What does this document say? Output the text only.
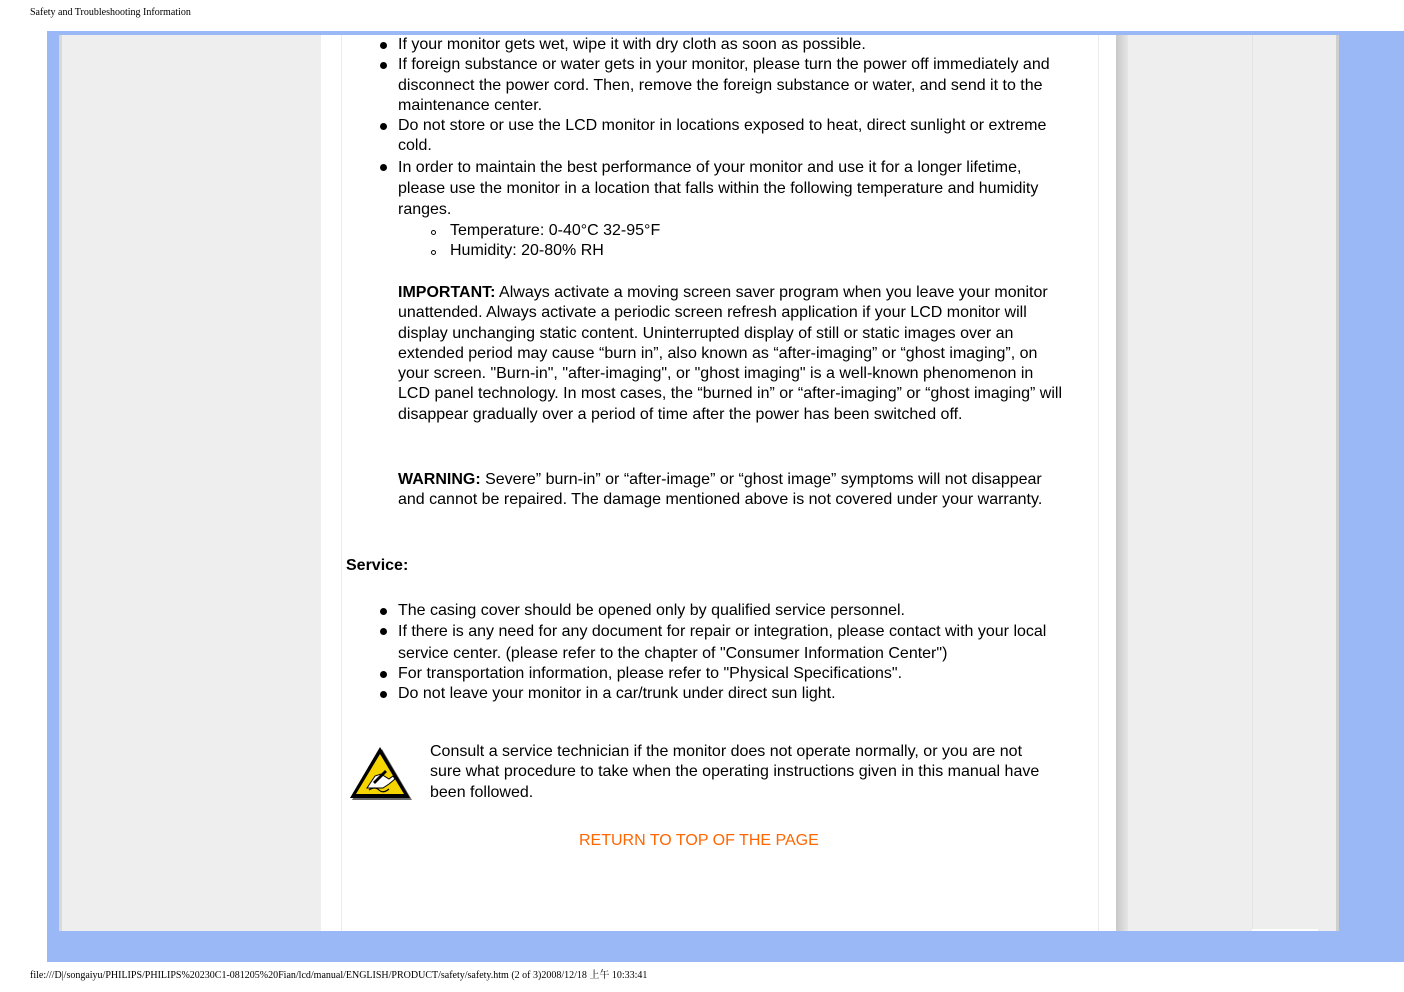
Safety and Troubleshooting Information
If your monitor gets wet, wipe it with dry cloth as soon as possible.
If foreign substance or water gets in your monitor, please turn the power off immediately and disconnect the power cord. Then, remove the foreign substance or water, and send it to the maintenance center.
Do not store or use the LCD monitor in locations exposed to heat, direct sunlight or extreme cold.
In order to maintain the best performance of your monitor and use it for a longer lifetime, please use the monitor in a location that falls within the following temperature and humidity ranges.
Temperature: 0-40°C 32-95°F
Humidity: 20-80% RH

IMPORTANT: Always activate a moving screen saver program when you leave your monitor unattended. Always activate a periodic screen refresh application if your LCD monitor will display unchanging static content. Uninterrupted display of still or static images over an extended period may cause “burn in”, also known as “after-imaging” or “ghost imaging”, on your screen. "Burn-in", "after-imaging", or "ghost imaging" is a well-known phenomenon in LCD panel technology. In most cases, the “burned in” or “after-imaging” or “ghost imaging” will disappear gradually over a period of time after the power has been switched off.

WARNING: Severe” burn-in” or “after-image” or “ghost image” symptoms will not disappear and cannot be repaired. The damage mentioned above is not covered under your warranty.

Service:
The casing cover should be opened only by qualified service personnel.
If there is any need for any document for repair or integration, please contact with your local service center. (please refer to the chapter of "Consumer Information Center")
For transportation information, please refer to "Physical Specifications".
Do not leave your monitor in a car/trunk under direct sun light.

Consult a service technician if the monitor does not operate normally, or you are not sure what procedure to take when the operating instructions given in this manual have been followed.

RETURN TO TOP OF THE PAGE
file:///D|/songaiyu/PHILIPS/PHILIPS%20230C1-081205%20Fian/lcd/manual/ENGLISH/PRODUCT/safety/safety.htm (2 of 3)2008/12/18 上午 10:33:41
